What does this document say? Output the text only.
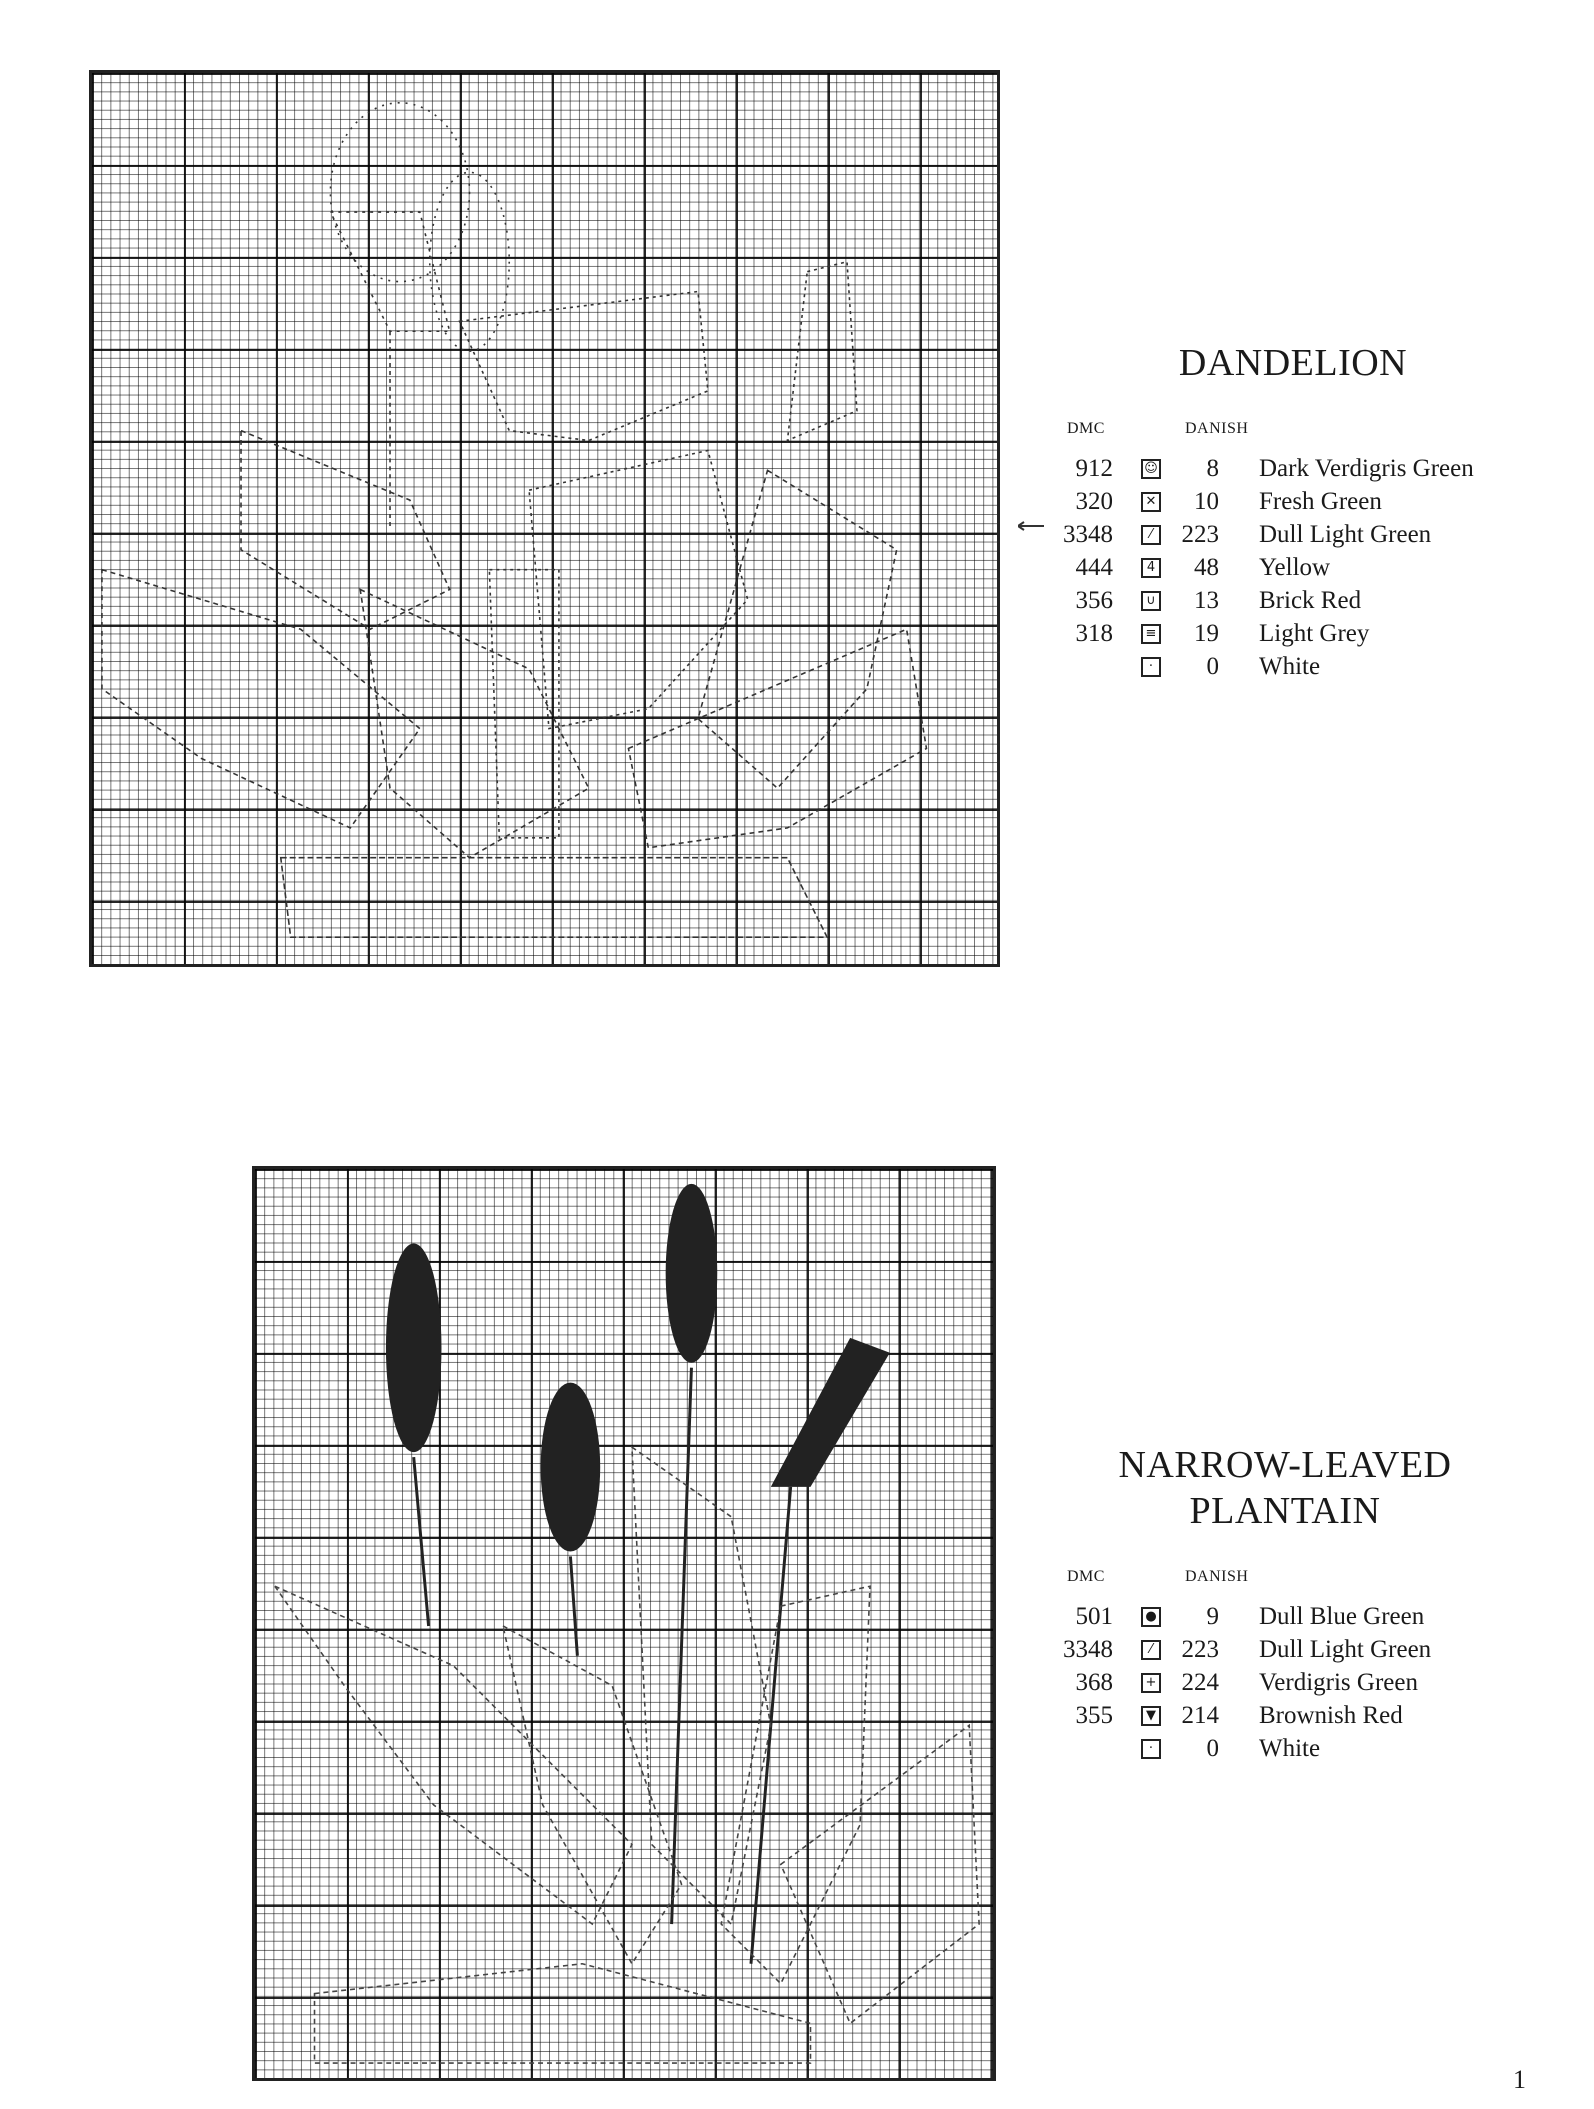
DANDELION
DMC	DANISH
912 ☺	8 Dark Verdigris Green
320	✕	10 Fresh Green
3348	⁄	223 Dull Light Green
444	4	48 Yellow
356	∪	13 Brick Red
318	≡	19 Light Grey
·	0 White
NARROW-LEAVED
PLANTAIN
DMC	DANISH
501	●	9 Dull Blue Green
3348	⁄	223 Dull Light Green
368	+	224 Verdigris Green
355	▼	214 Brownish Red
·	0 White
1
